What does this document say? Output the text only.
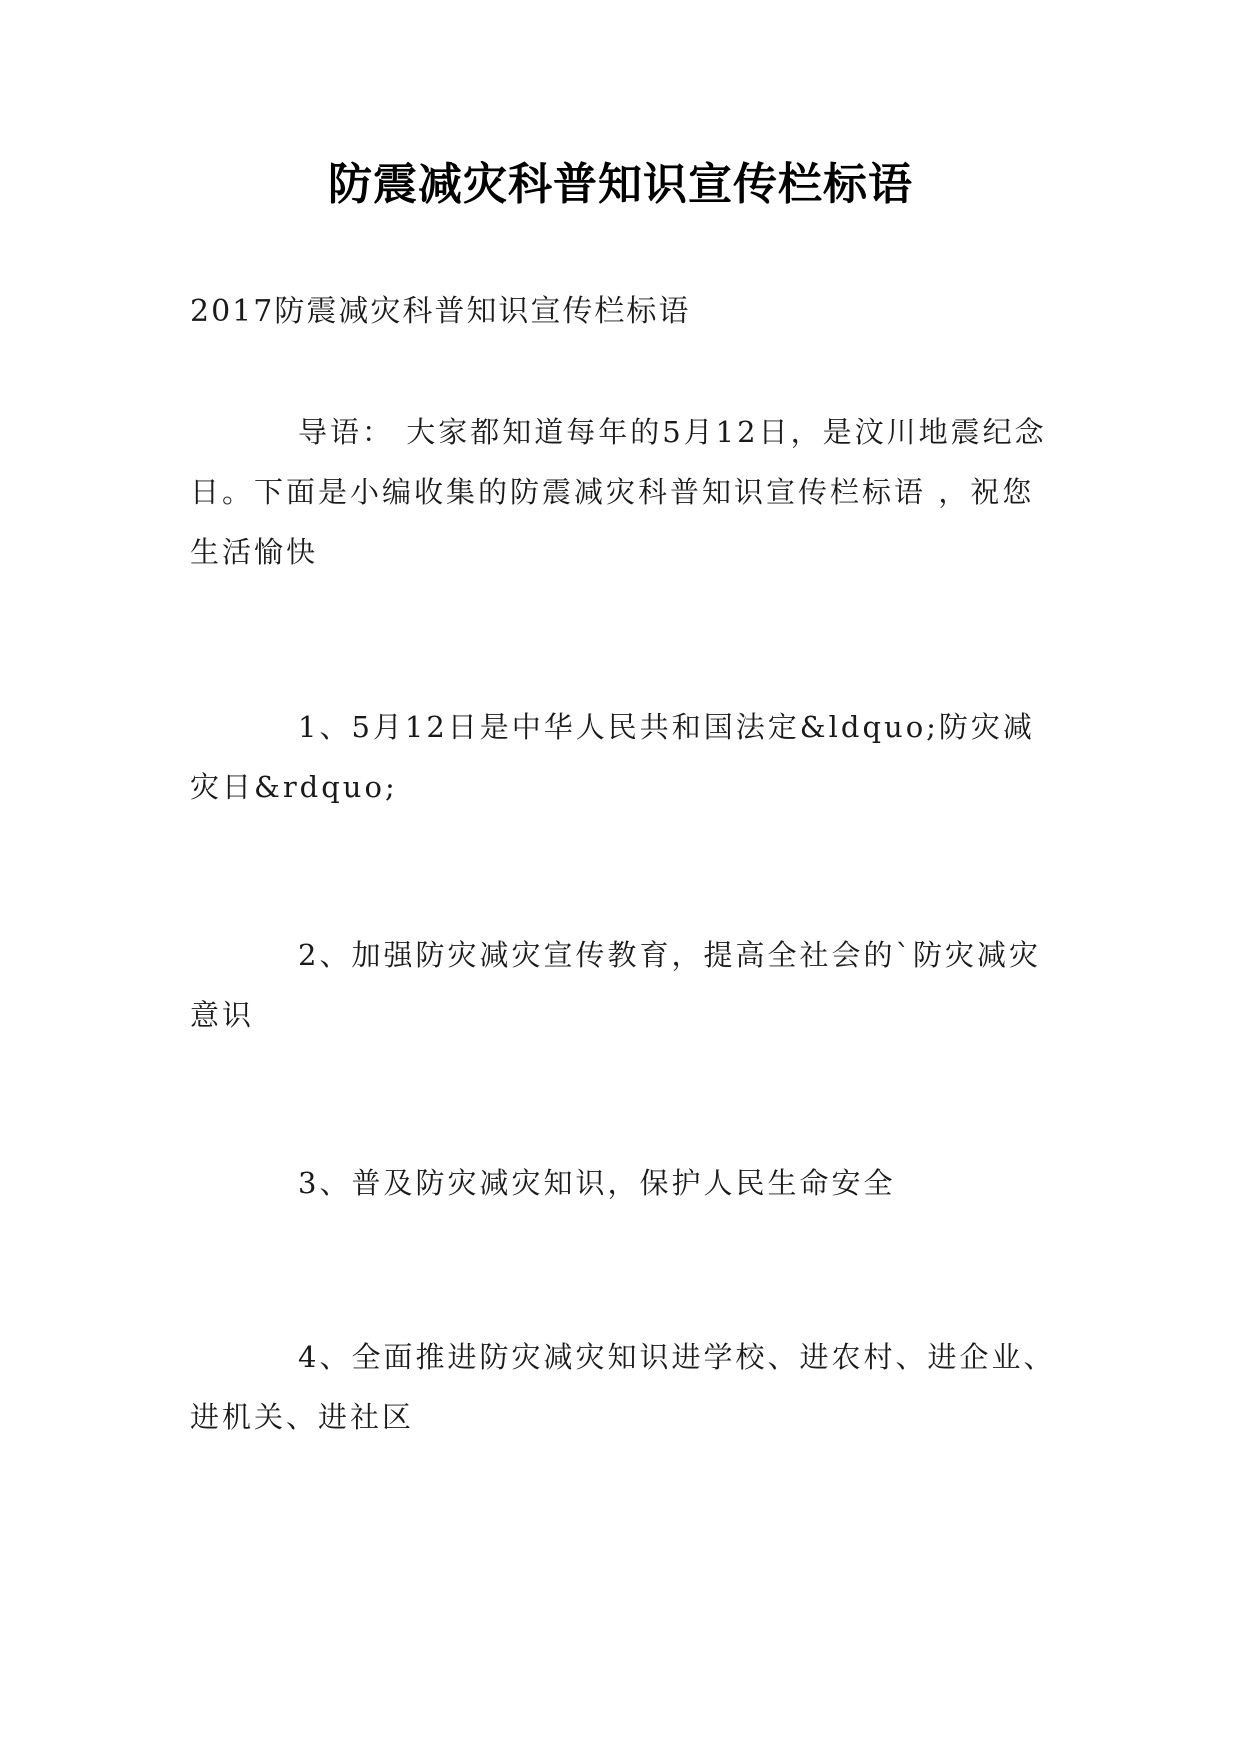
防震减灾科普知识宣传栏标语

2017防震减灾科普知识宣传栏标语

导语： 大家都知道每年的5月12日，是汶川地震纪念日。下面是小编收集的防震减灾科普知识宣传栏标语 ，祝您生活愉快

1、5月12日是中华人民共和国法定&ldquo;防灾减灾日&rdquo;

2、加强防灾减灾宣传教育，提高全社会的`防灾减灾意识

3、普及防灾减灾知识，保护人民生命安全

4、全面推进防灾减灾知识进学校、进农村、进企业、进机关、进社区
